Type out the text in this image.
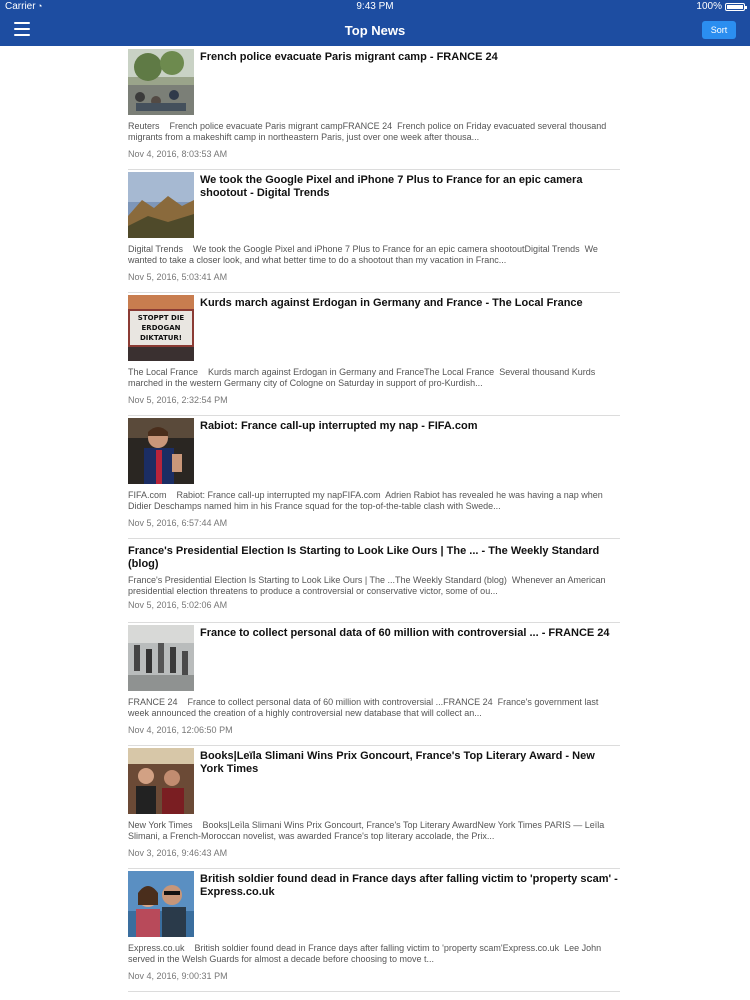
Carrier ◔	9:43 PM	100%
Top News	Sort
French police evacuate Paris migrant camp - FRANCE 24
Reuters French police evacuate Paris migrant campFRANCE 24  French police on Friday evacuated several thousand migrants from a makeshift camp in northeastern Paris, just over one week after thousa...
Nov 4, 2016, 8:03:53 AM
We took the Google Pixel and iPhone 7 Plus to France for an epic camera shootout - Digital Trends
Digital Trends We took the Google Pixel and iPhone 7 Plus to France for an epic camera shootoutDigital Trends  We wanted to take a closer look, and what better time to do a shootout than my vacation in Franc...
Nov 5, 2016, 5:03:41 AM
STOPPT DIE
ERDOGAN
DIKTATUR!
Kurds march against Erdogan in Germany and France - The Local France
The Local France Kurds march against Erdogan in Germany and FranceThe Local France  Several thousand Kurds marched in the western Germany city of Cologne on Saturday in support of pro-Kurdish...
Nov 5, 2016, 2:32:54 PM
Rabiot: France call-up interrupted my nap - FIFA.com
FIFA.com Rabiot: France call-up interrupted my napFIFA.com  Adrien Rabiot has revealed he was having a nap when Didier Deschamps named him in his France squad for the top-of-the-table clash with Swede...
Nov 5, 2016, 6:57:44 AM
France's Presidential Election Is Starting to Look Like Ours | The ... - The Weekly Standard (blog)
France's Presidential Election Is Starting to Look Like Ours | The ...The Weekly Standard (blog)  Whenever an American presidential election threatens to produce a controversial or conservative victor, some of ou...
Nov 5, 2016, 5:02:06 AM
France to collect personal data of 60 million with controversial ... - FRANCE 24
FRANCE 24 France to collect personal data of 60 million with controversial ...FRANCE 24  France's government last week announced the creation of a highly controversial new database that will collect an...
Nov 4, 2016, 12:06:50 PM
Books|Leïla Slimani Wins Prix Goncourt, France's Top Literary Award - New York Times
New York Times Books|Leïla Slimani Wins Prix Goncourt, France's Top Literary AwardNew York Times PARIS — Leïla Slimani, a French-Moroccan novelist, was awarded France's top literary accolade, the Prix...
Nov 3, 2016, 9:46:43 AM
British soldier found dead in France days after falling victim to 'property scam' - Express.co.uk
Express.co.uk British soldier found dead in France days after falling victim to 'property scam'Express.co.uk  Lee John served in the Welsh Guards for almost a decade before choosing to move t...
Nov 4, 2016, 9:00:31 PM
